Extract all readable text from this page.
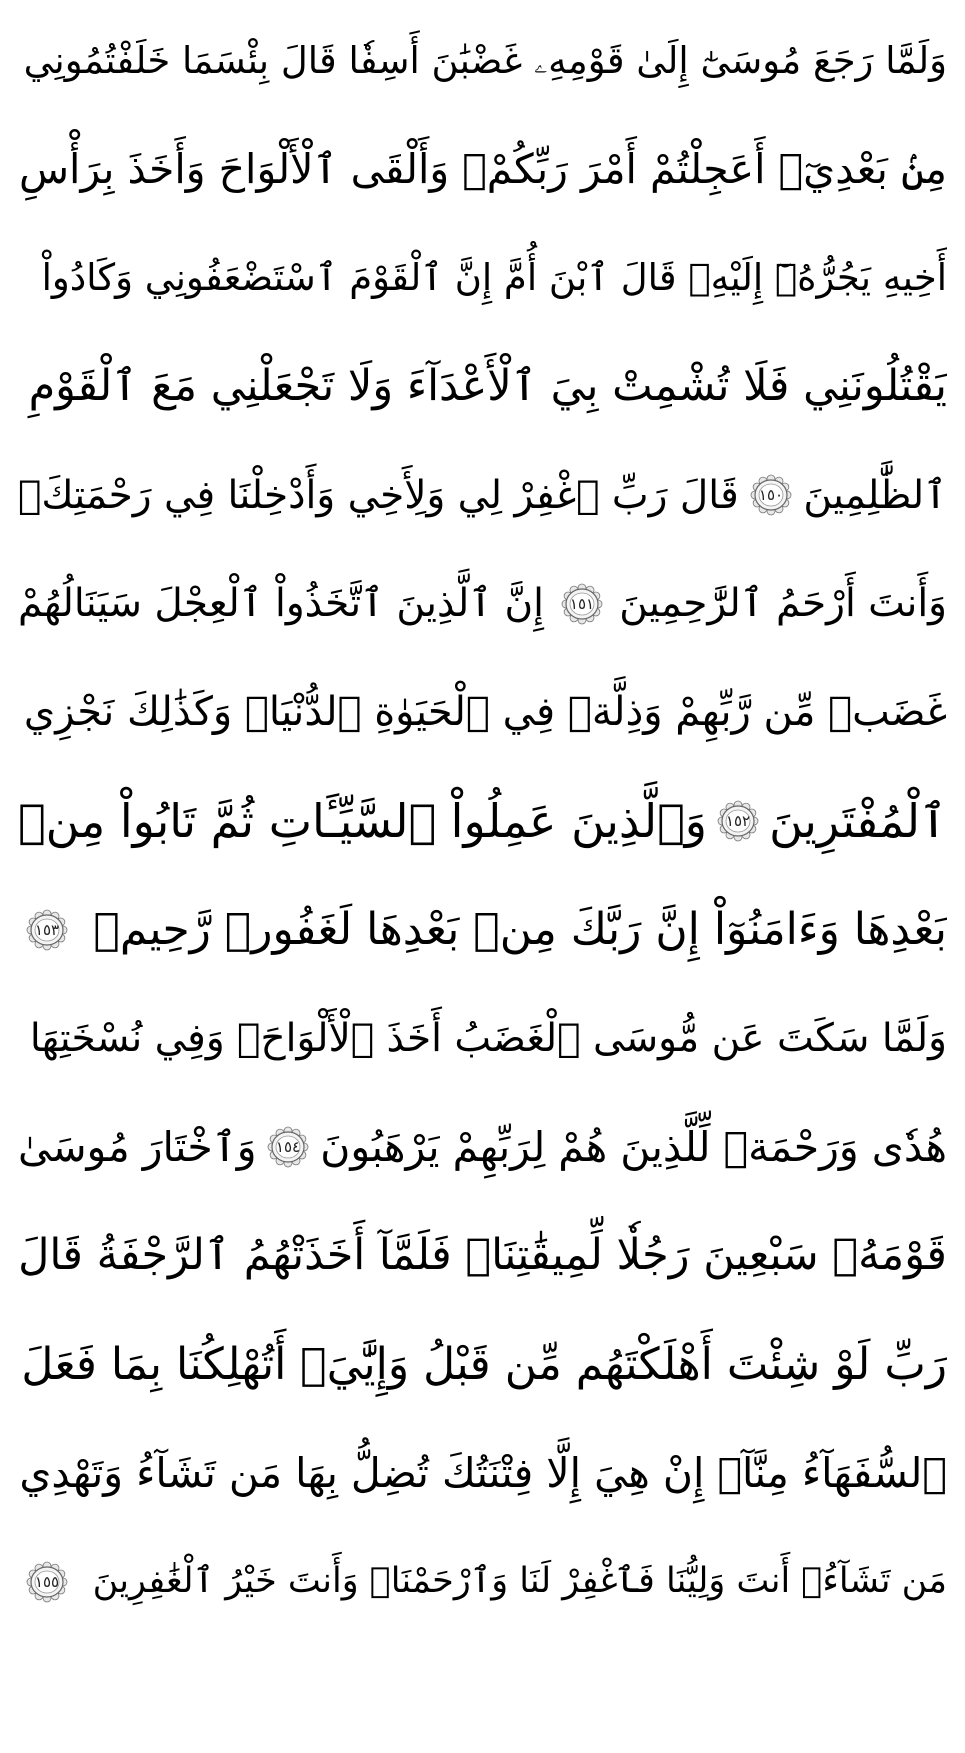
وَلَمَّا رَجَعَ مُوسَىٰٓ إِلَىٰ قَوْمِهِۦ غَضْبَٰنَ أَسِفٗا قَالَ بِئْسَمَا خَلَفْتُمُونِي
مِنۢ بَعْدِيٓۖ أَعَجِلْتُمْ أَمْرَ رَبِّكُمْۖ وَأَلْقَى ٱلْأَلْوَاحَ وَأَخَذَ بِرَأْسِ
أَخِيهِ يَجُرُّهُۥٓ إِلَيْهِۚ قَالَ ٱبْنَ أُمَّ إِنَّ ٱلْقَوْمَ ٱسْتَضْعَفُونِي وَكَادُواْ
يَقْتُلُونَنِي فَلَا تُشْمِتْ بِيَ ٱلْأَعْدَآءَ وَلَا تَجْعَلْنِي مَعَ ٱلْقَوْمِ
ٱلظَّٰلِمِينَ
١٥٠
قَالَ رَبِّ ٱغْفِرْ لِي وَلِأَخِي وَأَدْخِلْنَا فِي رَحْمَتِكَۖ
وَأَنتَ أَرْحَمُ ٱلرَّٰحِمِينَ
١٥١
إِنَّ ٱلَّذِينَ ٱتَّخَذُواْ ٱلْعِجْلَ سَيَنَالُهُمْ
غَضَبٞ مِّن رَّبِّهِمْ وَذِلَّةٞ فِي ٱلْحَيَوٰةِ ٱلدُّنْيَاۚ وَكَذَٰلِكَ نَجْزِي
ٱلْمُفْتَرِينَ
١٥٢
وَٱلَّذِينَ عَمِلُواْ ٱلسَّيِّـَٔاتِ ثُمَّ تَابُواْ مِنۢ
بَعْدِهَا وَءَامَنُوٓاْ إِنَّ رَبَّكَ مِنۢ بَعْدِهَا لَغَفُورٞ رَّحِيمٞ
١٥٣
وَلَمَّا سَكَتَ عَن مُّوسَى ٱلْغَضَبُ أَخَذَ ٱلْأَلْوَاحَۖ وَفِي نُسْخَتِهَا
هُدٗى وَرَحْمَةٞ لِّلَّذِينَ هُمْ لِرَبِّهِمْ يَرْهَبُونَ
١٥٤
وَٱخْتَارَ مُوسَىٰ
قَوْمَهُۥ سَبْعِينَ رَجُلٗا لِّمِيقَٰتِنَاۖ فَلَمَّآ أَخَذَتْهُمُ ٱلرَّجْفَةُ قَالَ
رَبِّ لَوْ شِئْتَ أَهْلَكْتَهُم مِّن قَبْلُ وَإِيَّٰيَۖ أَتُهْلِكُنَا بِمَا فَعَلَ
ٱلسُّفَهَآءُ مِنَّآۖ إِنْ هِيَ إِلَّا فِتْنَتُكَ تُضِلُّ بِهَا مَن تَشَآءُ وَتَهْدِي
مَن تَشَآءُۖ أَنتَ وَلِيُّنَا فَٱغْفِرْ لَنَا وَٱرْحَمْنَاۖ وَأَنتَ خَيْرُ ٱلْغَٰفِرِينَ
١٥٥
